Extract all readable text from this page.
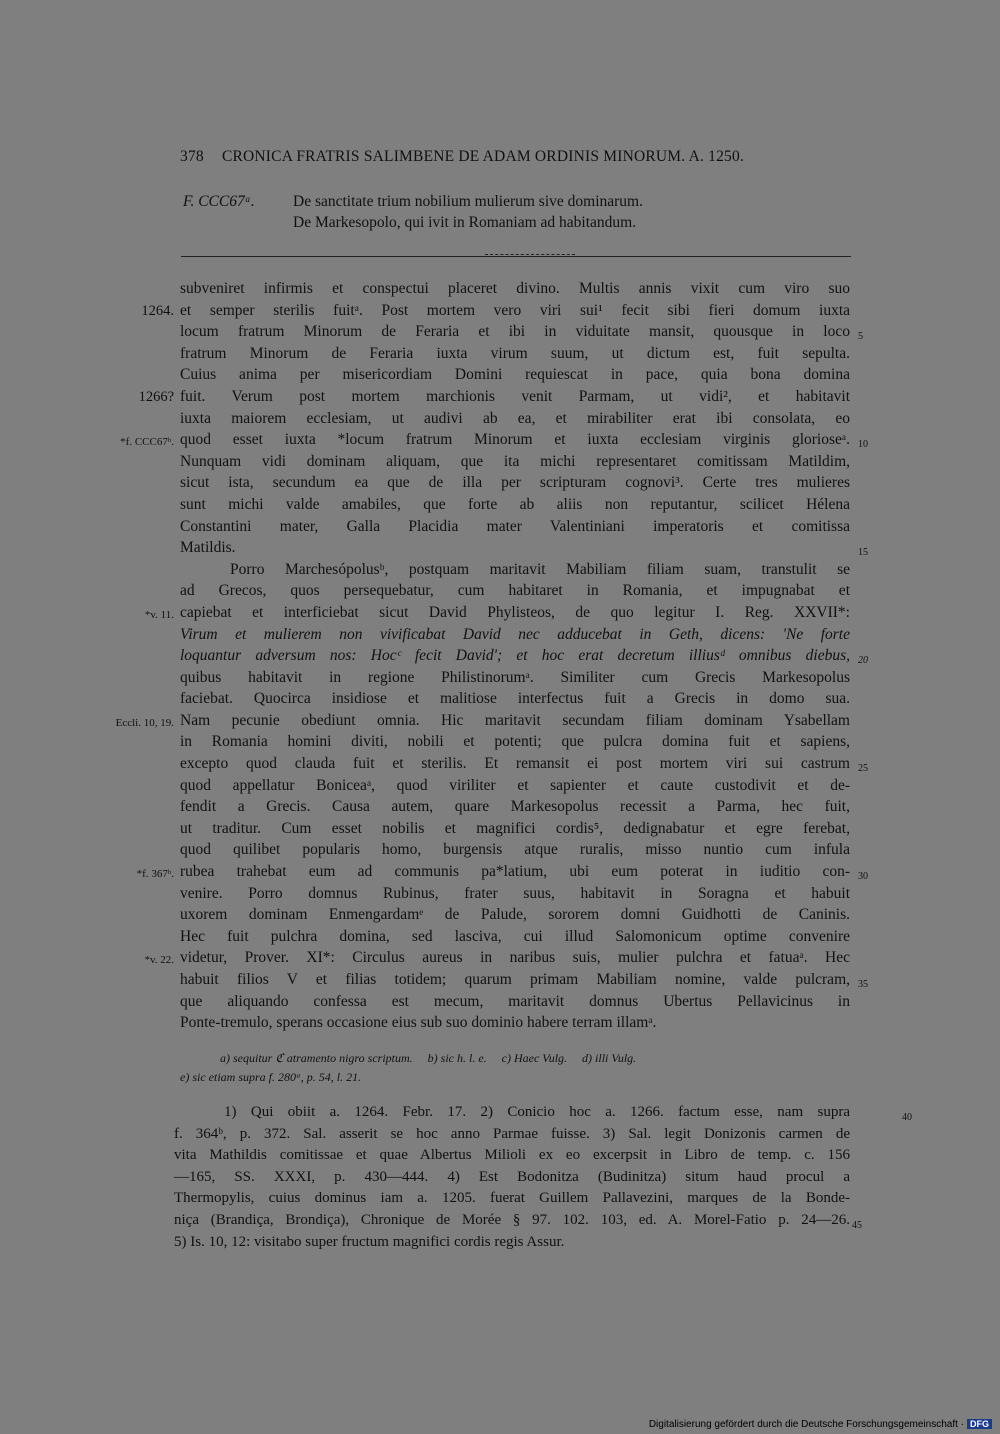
378 CRONICA FRATRIS SALIMBENE DE ADAM ORDINIS MINORUM. A. 1250.
F. CCC67ᵃ. De sanctitate trium nobilium mulierum sive dominarum.
De Markesopolo, qui ivit in Romaniam ad habitandum.
subveniret infirmis et conspectui placeret divino. Multis annis vixit cum viro suo
et semper sterilis fuitᵃ. Post mortem vero viri sui¹ fecit sibi fieri domum iuxta
1264.
locum fratrum Minorum de Feraria et ibi in viduitate mansit, quousque in loco 5
fratrum Minorum de Feraria iuxta virum suum, ut dictum est, fuit sepulta.
Cuius anima per misericordiam Domini requiescat in pace, quia bona domina
fuit. Verum post mortem marchionis venit Parmam, ut vidi², et habitavit
1266?
iuxta maiorem ecclesiam, ut audivi ab ea, et mirabiliter erat ibi consolata, eo
quod esset iuxta *locum fratrum Minorum et iuxta ecclesiam virginis glorioseᵃ.
*f. CCC67ᵇ.	10
Nunquam vidi dominam aliquam, que ita michi representaret comitissam Matildim,
sicut ista, secundum ea que de illa per scripturam cognovi³. Certe tres mulieres
sunt michi valde amabiles, que forte ab aliis non reputantur, scilicet Hélena
Constantini mater, Galla Placidia mater Valentiniani imperatoris et comitissa
Matildis.	15
Porro Marchesópolusᵇ, postquam maritavit Mabiliam filiam suam, transtulit se
ad Grecos, quos persequebatur, cum habitaret in Romania, et impugnabat et
capiebat et interficiebat sicut David Phylisteos, de quo legitur I. Reg. XXVII*:
*v. 11.
Virum et mulierem non vivificabat David nec adducebat in Geth, dicens: 'Ne forte
loquantur adversum nos: Hocᶜ fecit David'; et hoc erat decretum illiusᵈ omnibus diebus, 20
quibus habitavit in regione Philistinorumᵃ. Similiter cum Grecis Markesopolus
faciebat. Quocirca insidiose et malitiose interfectus fuit a Grecis in domo sua.
Nam pecunie obediunt omnia. Hic maritavit secundam filiam dominam Ysabellam
Eccli. 10, 19.
in Romania homini diviti, nobili et potenti; que pulcra domina fuit et sapiens,
excepto quod clauda fuit et sterilis. Et remansit ei post mortem viri sui castrum 25
quod appellatur Boniceaᵃ, quod viriliter et sapienter et caute custodivit et de-
fendit a Grecis. Causa autem, quare Markesopolus recessit a Parma, hec fuit,
ut traditur. Cum esset nobilis et magnifici cordis⁵, dedignabatur et egre ferebat,
quod quilibet popularis homo, burgensis atque ruralis, misso nuntio cum infula
rubea trahebat eum ad communis pa*latium, ubi eum poterat in iuditio con-
*f. 367ᵇ.	30
venire. Porro domnus Rubinus, frater suus, habitavit in Soragna et habuit
uxorem dominam Enmengardamᵉ de Palude, sororem domni Guidhotti de Caninis.
Hec fuit pulchra domina, sed lasciva, cui illud Salomonicum optime convenire
videtur, Prover. XI*: Circulus aureus in naribus suis, mulier pulchra et fatuaᵃ. Hec
*v. 22.
habuit filios V et filias totidem; quarum primam Mabiliam nomine, valde pulcram, 35
que aliquando confessa est mecum, maritavit domnus Ubertus Pellavicinus in
Ponte-tremulo, sperans occasione eius sub suo dominio habere terram illamᵃ.
a) sequitur ℭ atramento nigro scriptum.     b) sic h. l. e.     c) Haec Vulg.     d) illi Vulg.
e) sic etiam supra f. 280ᵃ, p. 54, l. 21.
1) Qui obiit a. 1264. Febr. 17. 2) Conicio hoc a. 1266. factum esse, nam supra	40
f. 364ᵇ, p. 372. Sal. asserit se hoc anno Parmae fuisse. 3) Sal. legit Donizonis carmen de
vita Mathildis comitissae et quae Albertus Milioli ex eo excerpsit in Libro de temp. c. 156
—165, SS. XXXI, p. 430—444. 4) Est Bodonitza (Budinitza) situm haud procul a
Thermopylis, cuius dominus iam a. 1205. fuerat Guillem Pallavezini, marques de la Bonde-
niça (Brandiça, Brondiça), Chronique de Morée § 97. 102. 103, ed. A. Morel-Fatio p. 24—26. 45
5) Is. 10, 12: visitabo super fructum magnifici cordis regis Assur.
Digitalisierung gefördert durch die Deutsche Forschungsgemeinschaft · DFG
